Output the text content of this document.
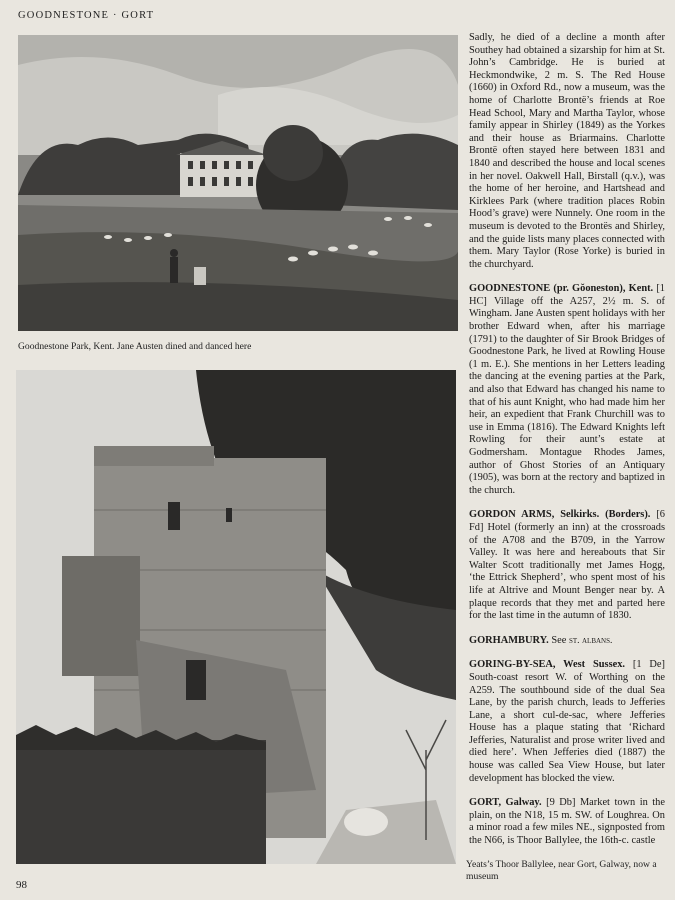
GOODNESTONE · GORT
Goodnestone Park, Kent. Jane Austen dined and danced here
Yeats’s Thoor Ballylee, near Gort, Galway, now a museum

Sadly, he died of a decline a month after Southey had obtained a sizarship for him at St. John’s Cambridge. He is buried at Heckmondwike, 2 m. S. The Red House (1660) in Oxford Rd., now a museum, was the home of Charlotte Brontë’s friends at Roe Head School, Mary and Martha Taylor, whose family appear in Shirley (1849) as the Yorkes and their house as Briarmains. Charlotte Brontë often stayed here between 1831 and 1840 and described the house and local scenes in her novel. Oakwell Hall, Birstall (q.v.), was the home of her heroine, and Hartshead and Kirklees Park (where tradition places Robin Hood’s grave) were Nunnely. One room in the museum is devoted to the Brontës and Shirley, and the guide lists many places connected with them. Mary Taylor (Rose Yorke) is buried in the churchyard.

GOODNESTONE (pr. Gŏoneston), Kent. [1 HC] Village off the A257, 2½ m. S. of Wingham. Jane Austen spent holidays with her brother Edward when, after his marriage (1791) to the daughter of Sir Brook Bridges of Goodnestone Park, he lived at Rowling House (1 m. E.). She mentions in her Letters leading the dancing at the evening parties at the Park, and also that Edward has changed his name to that of his aunt Knight, who had made him her heir, an expedient that Frank Churchill was to use in Emma (1816). The Edward Knights left Rowling for their aunt’s estate at Godmersham. Montague Rhodes James, author of Ghost Stories of an Antiquary (1905), was born at the rectory and baptized in the church.

GORDON ARMS, Selkirks. (Borders). [6 Fd] Hotel (formerly an inn) at the crossroads of the A708 and the B709, in the Yarrow Valley. It was here and hereabouts that Sir Walter Scott traditionally met James Hogg, ‘the Ettrick Shepherd’, who spent most of his life at Altrive and Mount Benger near by. A plaque records that they met and parted here for the last time in the autumn of 1830.

GORHAMBURY. See st. albans.

GORING-BY-SEA, West Sussex. [1 De] South-coast resort W. of Worthing on the A259. The southbound side of the dual Sea Lane, by the parish church, leads to Jefferies Lane, a short cul-de-sac, where Jefferies House has a plaque stating that ‘Richard Jefferies, Naturalist and prose writer lived and died here’. When Jefferies died (1887) the house was called Sea View House, but later development has blocked the view.

GORT, Galway. [9 Db] Market town in the plain, on the N18, 15 m. SW. of Loughrea. On a minor road a few miles NE., signposted from the N66, is Thoor Ballylee, the 16th-c. castle

98
